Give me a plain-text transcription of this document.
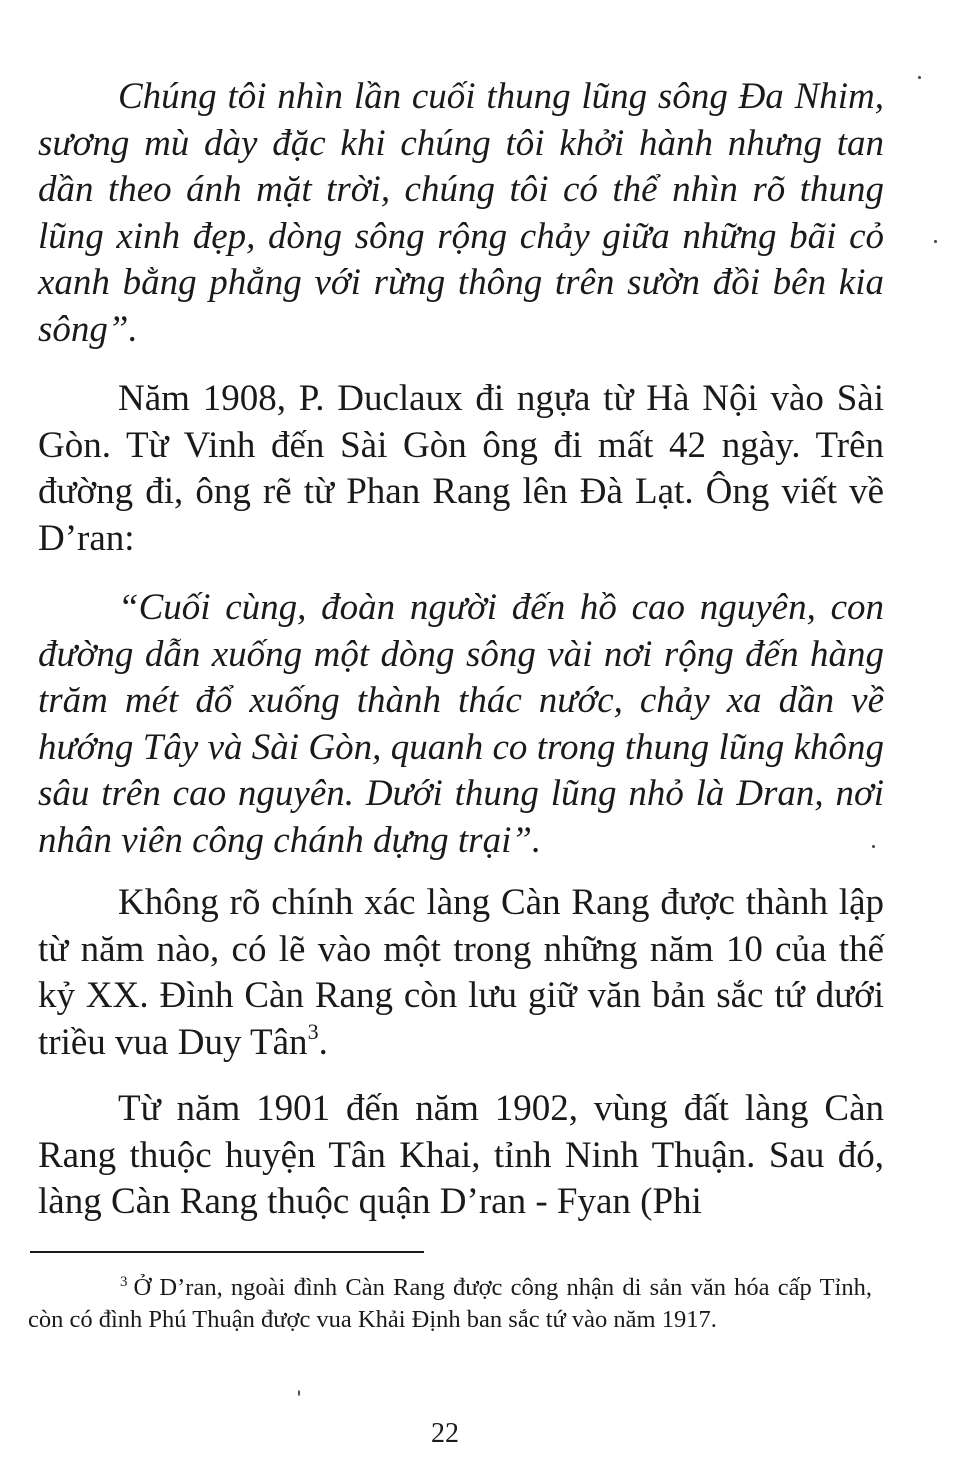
Chúng tôi nhìn lần cuối thung lũng sông Đa Nhim, sương mù dày đặc khi chúng tôi khởi hành nhưng tan dần theo ánh mặt trời, chúng tôi có thể nhìn rõ thung lũng xinh đẹp, dòng sông rộng chảy giữa những bãi cỏ xanh bằng phẳng với rừng thông trên sườn đồi bên kia sông”.

Năm 1908, P. Duclaux đi ngựa từ Hà Nội vào Sài Gòn. Từ Vinh đến Sài Gòn ông đi mất 42 ngày. Trên đường đi, ông rẽ từ Phan Rang lên Đà Lạt. Ông viết về D’ran:

“Cuối cùng, đoàn người đến hồ cao nguyên, con đường dẫn xuống một dòng sông vài nơi rộng đến hàng trăm mét đổ xuống thành thác nước, chảy xa dần về hướng Tây và Sài Gòn, quanh co trong thung lũng không sâu trên cao nguyên. Dưới thung lũng nhỏ là Dran, nơi nhân viên công chánh dựng trại”.

Không rõ chính xác làng Càn Rang được thành lập từ năm nào, có lẽ vào một trong những năm 10 của thế kỷ XX. Đình Càn Rang còn lưu giữ văn bản sắc tứ dưới triều vua Duy Tân$^3$.

Từ năm 1901 đến năm 1902, vùng đất làng Càn Rang thuộc huyện Tân Khai, tỉnh Ninh Thuận. Sau đó, làng Càn Rang thuộc quận D’ran - Fyan (Phi

$^3$ Ở D’ran, ngoài đình Càn Rang được công nhận di sản văn hóa cấp Tỉnh, còn có đình Phú Thuận được vua Khải Định ban sắc tứ vào năm 1917.

22
